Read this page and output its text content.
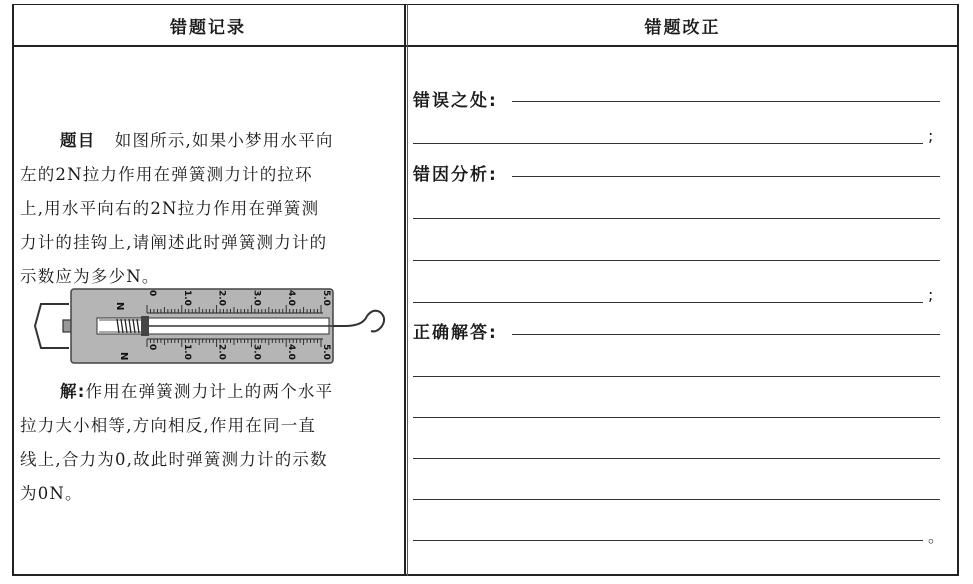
错题记录	错题改正
题目 如图所示,如果小梦用水平向
左的2N拉力作用在弹簧测力计的拉环
上,用水平向右的2N拉力作用在弹簧测
力计的挂钩上,请阐述此时弹簧测力计的
示数应为多少N。
0
0
1.0
1.0
2.0
2.0
3.0
3.0
4.0
4.0
5.0
5.0
N
N
解:作用在弹簧测力计上的两个水平
拉力大小相等,方向相反,作用在同一直
线上,合力为0,故此时弹簧测力计的示数
为0N。
错误之处:
;
错因分析:
;
正确解答:
。
